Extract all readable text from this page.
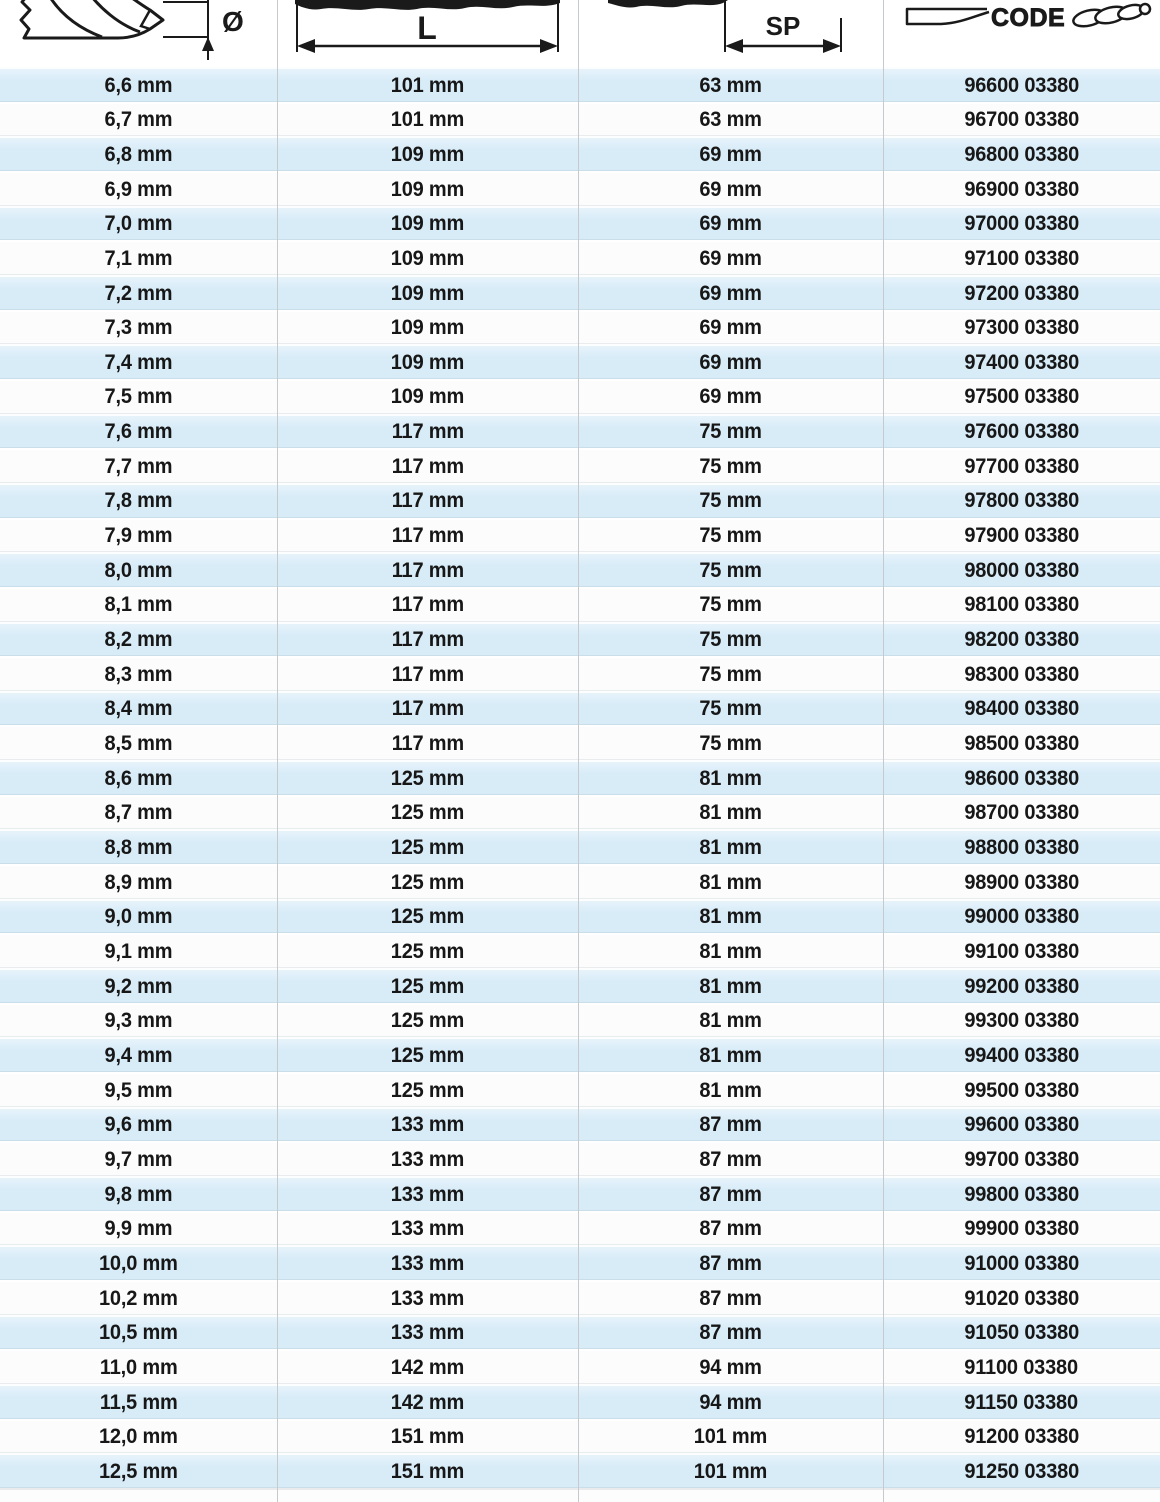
Ø	L	SP	CODE
6,6 mm	101 mm	63 mm	96600 03380
6,7 mm	101 mm	63 mm	96700 03380
6,8 mm	109 mm	69 mm	96800 03380
6,9 mm	109 mm	69 mm	96900 03380
7,0 mm	109 mm	69 mm	97000 03380
7,1 mm	109 mm	69 mm	97100 03380
7,2 mm	109 mm	69 mm	97200 03380
7,3 mm	109 mm	69 mm	97300 03380
7,4 mm	109 mm	69 mm	97400 03380
7,5 mm	109 mm	69 mm	97500 03380
7,6 mm	117 mm	75 mm	97600 03380
7,7 mm	117 mm	75 mm	97700 03380
7,8 mm	117 mm	75 mm	97800 03380
7,9 mm	117 mm	75 mm	97900 03380
8,0 mm	117 mm	75 mm	98000 03380
8,1 mm	117 mm	75 mm	98100 03380
8,2 mm	117 mm	75 mm	98200 03380
8,3 mm	117 mm	75 mm	98300 03380
8,4 mm	117 mm	75 mm	98400 03380
8,5 mm	117 mm	75 mm	98500 03380
8,6 mm	125 mm	81 mm	98600 03380
8,7 mm	125 mm	81 mm	98700 03380
8,8 mm	125 mm	81 mm	98800 03380
8,9 mm	125 mm	81 mm	98900 03380
9,0 mm	125 mm	81 mm	99000 03380
9,1 mm	125 mm	81 mm	99100 03380
9,2 mm	125 mm	81 mm	99200 03380
9,3 mm	125 mm	81 mm	99300 03380
9,4 mm	125 mm	81 mm	99400 03380
9,5 mm	125 mm	81 mm	99500 03380
9,6 mm	133 mm	87 mm	99600 03380
9,7 mm	133 mm	87 mm	99700 03380
9,8 mm	133 mm	87 mm	99800 03380
9,9 mm	133 mm	87 mm	99900 03380
10,0 mm	133 mm	87 mm	91000 03380
10,2 mm	133 mm	87 mm	91020 03380
10,5 mm	133 mm	87 mm	91050 03380
11,0 mm	142 mm	94 mm	91100 03380
11,5 mm	142 mm	94 mm	91150 03380
12,0 mm	151 mm	101 mm	91200 03380
12,5 mm	151 mm	101 mm	91250 03380
